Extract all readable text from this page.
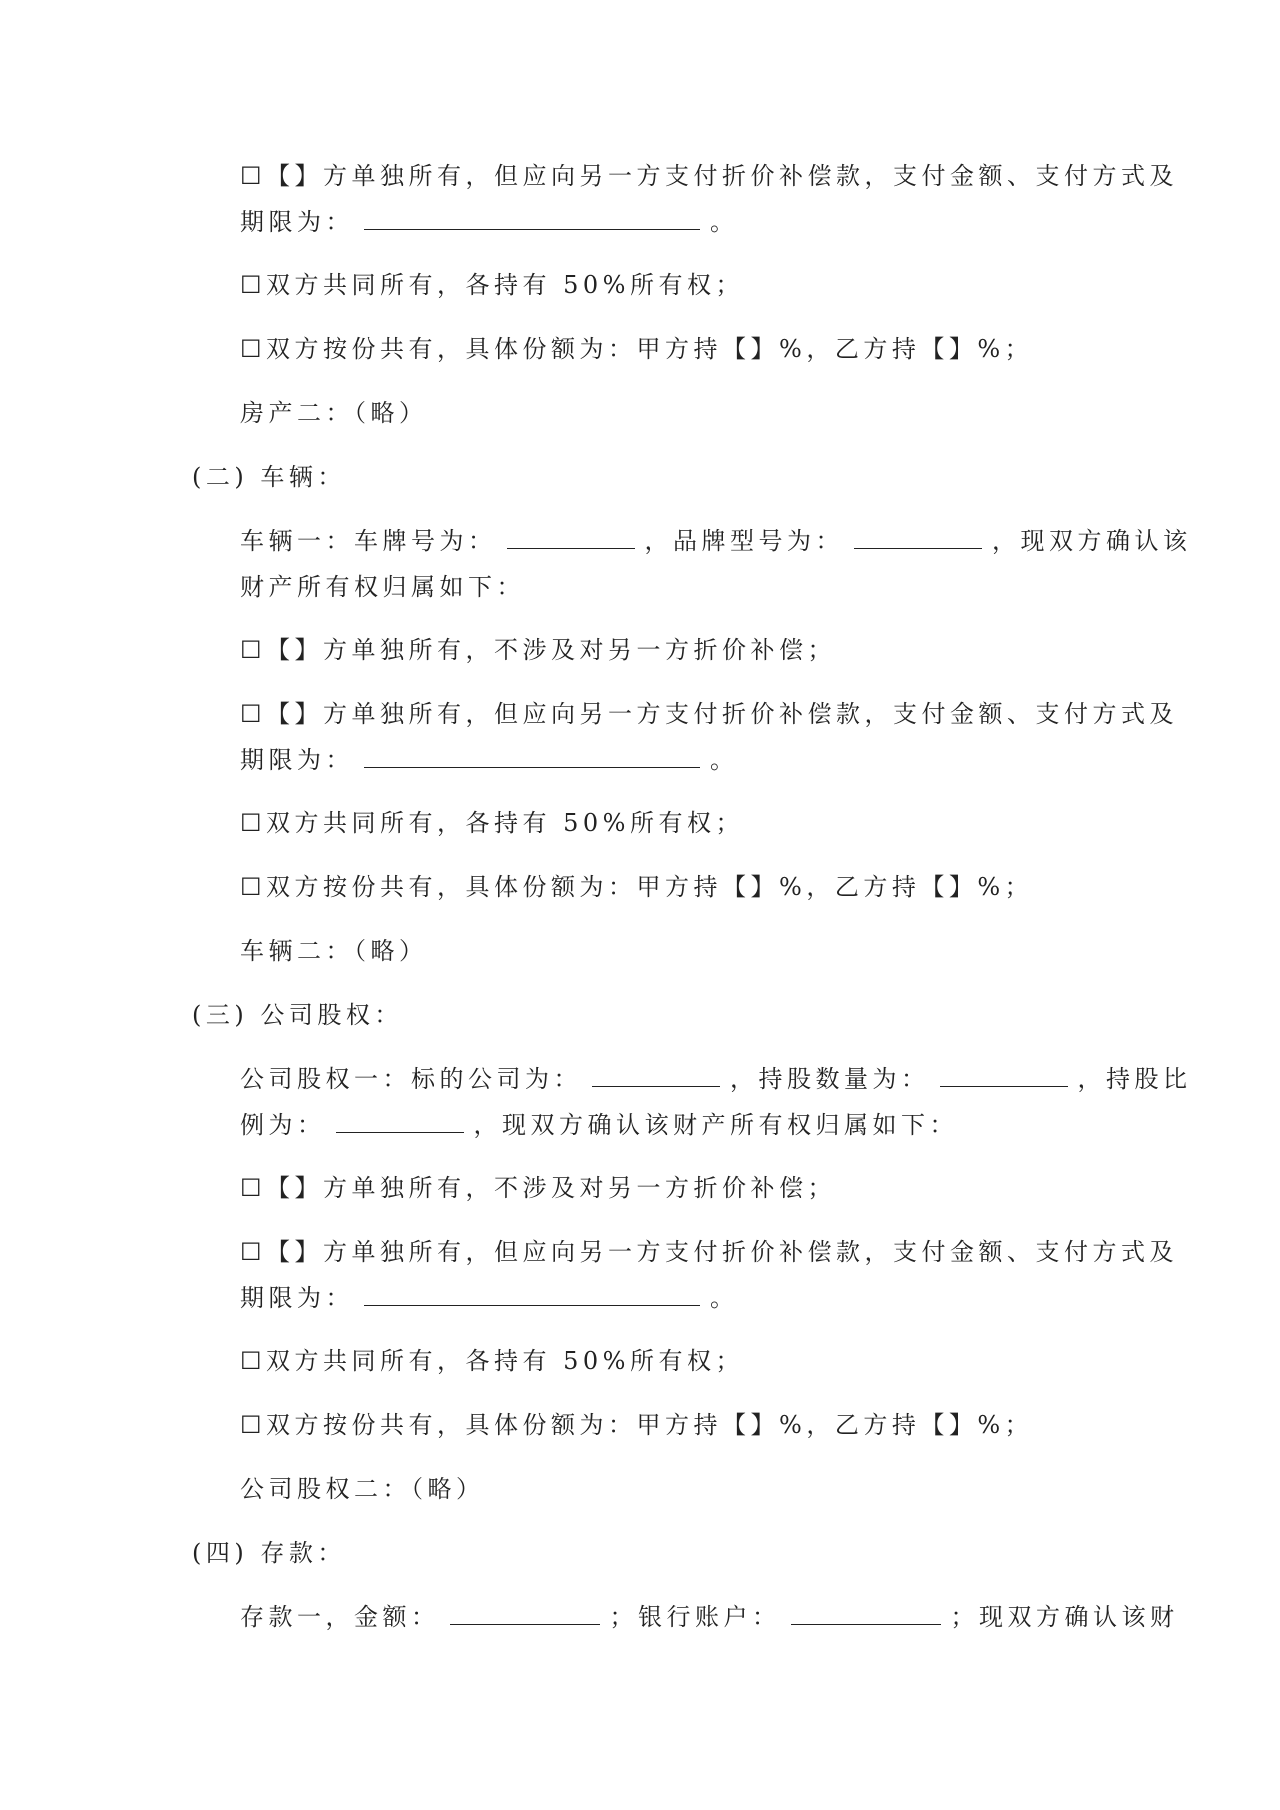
☐【】方单独所有，但应向另一方支付折价补偿款，支付金额、支付方式及
期限为：	。
☐双方共同所有，各持有 50%所有权；
☐双方按份共有，具体份额为：甲方持【】%，乙方持【】%；
房产二：（略）
(二) 车辆：
车辆一：车牌号为：	，品牌型号为：	，现双方确认该
财产所有权归属如下：
☐【】方单独所有，不涉及对另一方折价补偿；
☐【】方单独所有，但应向另一方支付折价补偿款，支付金额、支付方式及
期限为：	。
☐双方共同所有，各持有 50%所有权；
☐双方按份共有，具体份额为：甲方持【】%，乙方持【】%；
车辆二：（略）
(三) 公司股权：
公司股权一：标的公司为：	，持股数量为：	，持股比
例为：	，现双方确认该财产所有权归属如下：
☐【】方单独所有，不涉及对另一方折价补偿；
☐【】方单独所有，但应向另一方支付折价补偿款，支付金额、支付方式及
期限为：	。
☐双方共同所有，各持有 50%所有权；
☐双方按份共有，具体份额为：甲方持【】%，乙方持【】%；
公司股权二：（略）
(四) 存款：
存款一，金额：	；银行账户：	；现双方确认该财
